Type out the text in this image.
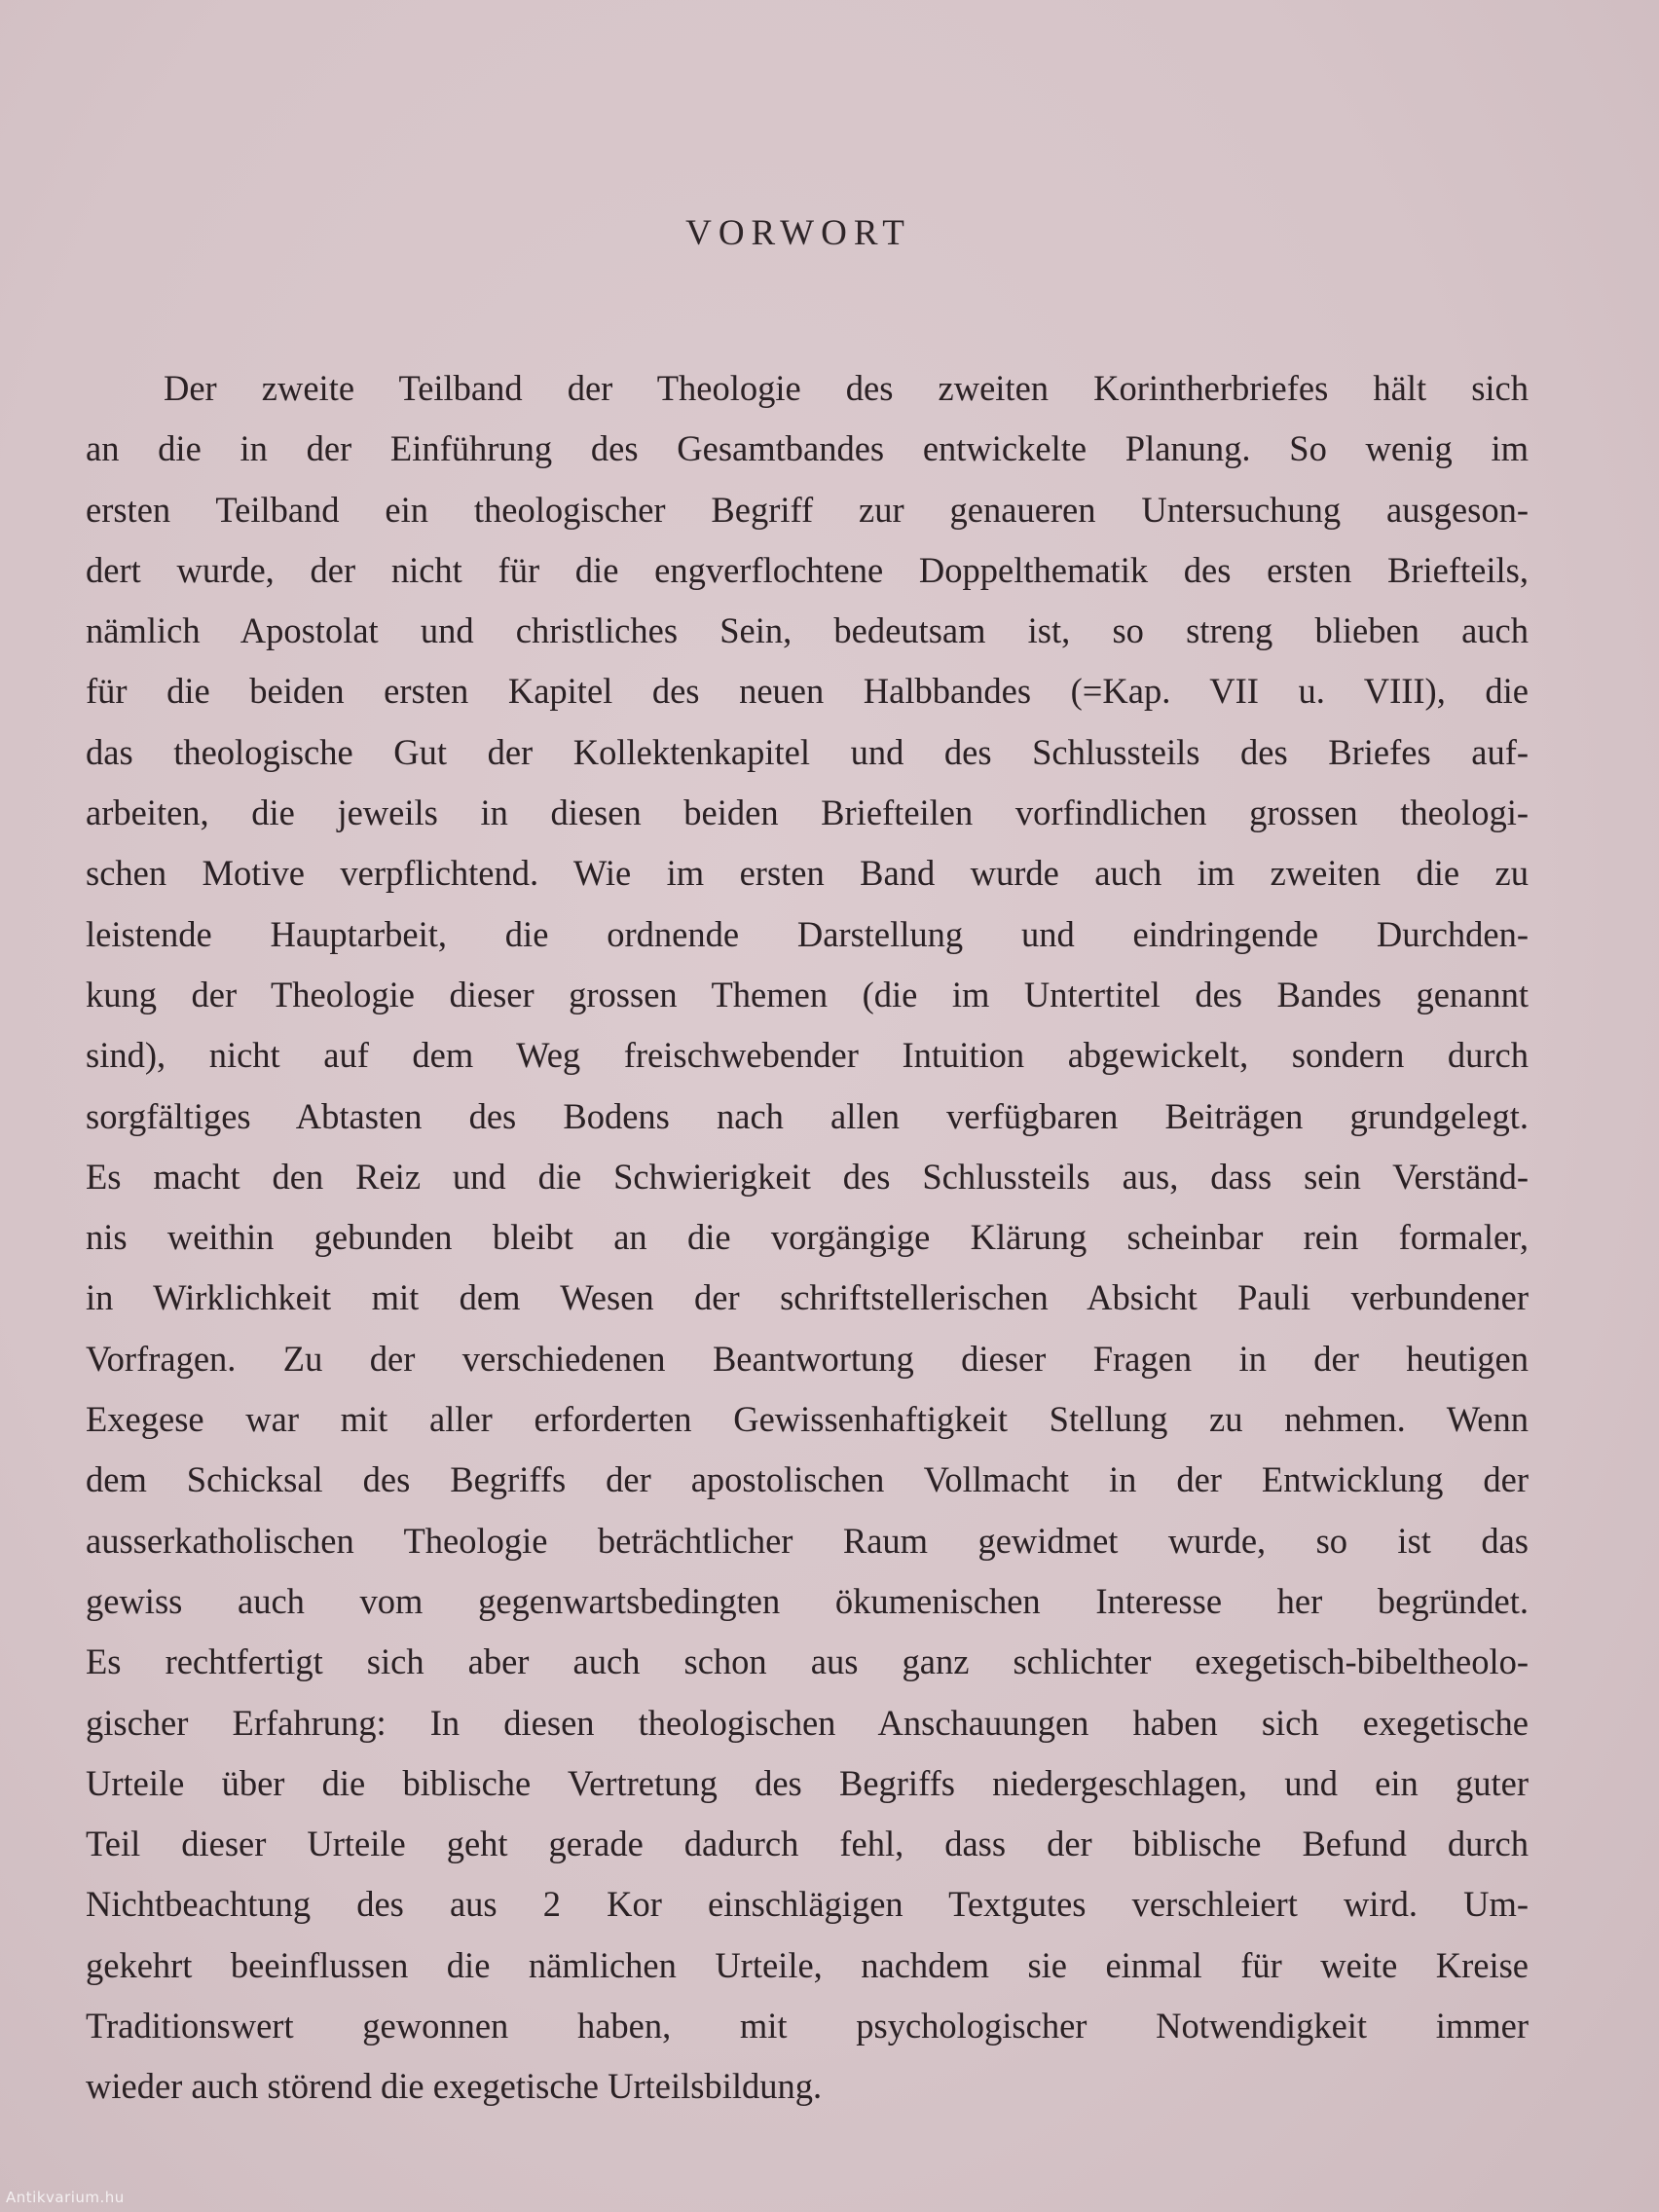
VORWORT
Der zweite Teilband der Theologie des zweiten Korintherbriefes hält sich
an die in der Einführung des Gesamtbandes entwickelte Planung. So wenig im
ersten Teilband ein theologischer Begriff zur genaueren Untersuchung ausgeson-
dert wurde, der nicht für die engverflochtene Doppelthematik des ersten Briefteils,
nämlich Apostolat und christliches Sein, bedeutsam ist, so streng blieben auch
für die beiden ersten Kapitel des neuen Halbbandes (=Kap. VII u. VIII), die
das theologische Gut der Kollektenkapitel und des Schlussteils des Briefes auf-
arbeiten, die jeweils in diesen beiden Briefteilen vorfindlichen grossen theologi-
schen Motive verpflichtend. Wie im ersten Band wurde auch im zweiten die zu
leistende Hauptarbeit, die ordnende Darstellung und eindringende Durchden-
kung der Theologie dieser grossen Themen (die im Untertitel des Bandes genannt
sind), nicht auf dem Weg freischwebender Intuition abgewickelt, sondern durch
sorgfältiges Abtasten des Bodens nach allen verfügbaren Beiträgen grundgelegt.
Es macht den Reiz und die Schwierigkeit des Schlussteils aus, dass sein Verständ-
nis weithin gebunden bleibt an die vorgängige Klärung scheinbar rein formaler,
in Wirklichkeit mit dem Wesen der schriftstellerischen Absicht Pauli verbundener
Vorfragen. Zu der verschiedenen Beantwortung dieser Fragen in der heutigen
Exegese war mit aller erforderten Gewissenhaftigkeit Stellung zu nehmen. Wenn
dem Schicksal des Begriffs der apostolischen Vollmacht in der Entwicklung der
ausserkatholischen Theologie beträchtlicher Raum gewidmet wurde, so ist das
gewiss auch vom gegenwartsbedingten ökumenischen Interesse her begründet.
Es rechtfertigt sich aber auch schon aus ganz schlichter exegetisch-bibeltheolo-
gischer Erfahrung: In diesen theologischen Anschauungen haben sich exegetische
Urteile über die biblische Vertretung des Begriffs niedergeschlagen, und ein guter
Teil dieser Urteile geht gerade dadurch fehl, dass der biblische Befund durch
Nichtbeachtung des aus 2 Kor einschlägigen Textgutes verschleiert wird. Um-
gekehrt beeinflussen die nämlichen Urteile, nachdem sie einmal für weite Kreise
Traditionswert gewonnen haben, mit psychologischer Notwendigkeit immer
wieder auch störend die exegetische Urteilsbildung.
Antikvarium.hu
